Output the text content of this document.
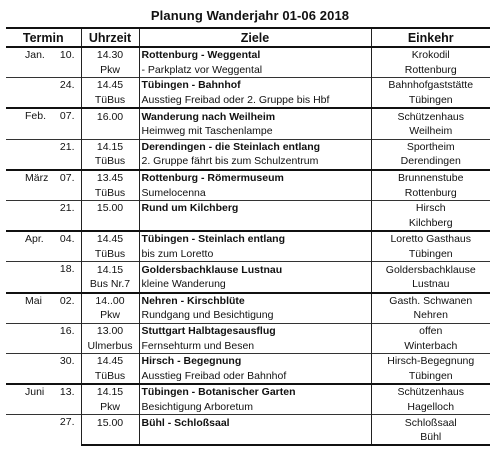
Planung Wanderjahr 01-06 2018
Termin	Uhrzeit	Ziele	Einkehr

Jan. 10.	14.30	Rottenburg - Weggental	Krokodil
	Pkw	- Parkplatz vor Weggental	Rottenburg

24.	14.45	Tübingen - Bahnhof	Bahnhofgaststätte
	TüBus	Ausstieg Freibad oder 2. Gruppe bis Hbf	Tübingen

Feb. 07.	16.00	Wanderung nach Weilheim	Schützenhaus
		Heimweg mit Taschenlampe	Weilheim

21.	14.15	Derendingen - die Steinlach entlang	Sportheim
	TüBus	2. Gruppe fährt bis zum Schulzentrum	Derendingen

März 07.	13.45	Rottenburg - Römermuseum	Brunnenstube
	TüBus	Sumelocenna	Rottenburg

21.	15.00	Rund um Kilchberg	Hirsch
			Kilchberg

Apr. 04.	14.45	Tübingen - Steinlach entlang	Loretto Gasthaus
	TüBus	bis zum Loretto	Tübingen

18.	14.15	Goldersbachklause Lustnau	Goldersbachklause
	Bus Nr.7	kleine Wanderung	Lustnau

Mai 02.	14..00	Nehren - Kirschblüte	Gasth. Schwanen
	Pkw	Rundgang und Besichtigung	Nehren

16.	13.00	Stuttgart Halbtagesausflug	offen
	Ulmerbus	Fernsehturm und Besen	Winterbach

30.	14.45	Hirsch - Begegnung	Hirsch-Begegnung
	TüBus	Ausstieg Freibad oder Bahnhof	Tübingen

Juni 13.	14.15	Tübingen - Botanischer Garten	Schützenhaus
	Pkw	Besichtigung Arboretum	Hagelloch

27.	15.00	Bühl - Schloßsaal	Schloßsaal
			Bühl
